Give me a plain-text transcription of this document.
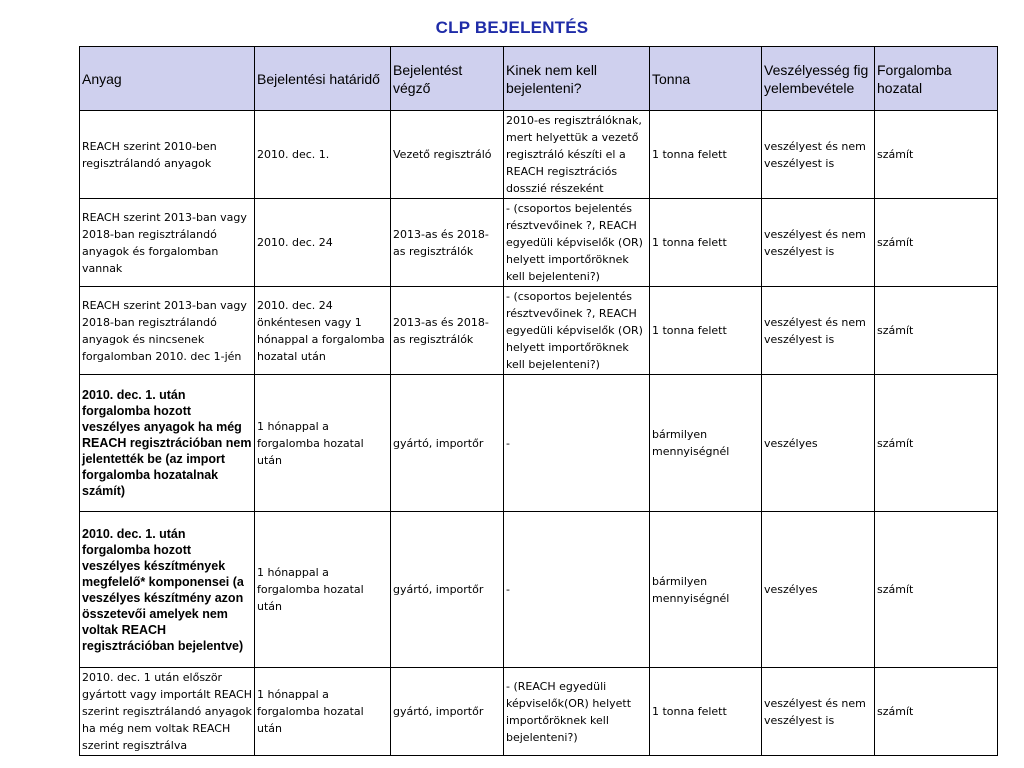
CLP BEJELENTÉS
Anyag	Bejelentési határidő	Bejelentést végző	Kinek nem kell bejelenteni?	Tonna	Veszélyesség figyelembevétele	Forgalomba hozatal
REACH szerint 2010-ben regisztrálandó anyagok	2010. dec. 1.	Vezető regisztráló	2010-es regisztrálóknak, mert helyettük a vezető regisztráló készíti el a REACH regisztrációs dosszié részeként	1 tonna felett	veszélyest és nem veszélyest is	számít
REACH szerint 2013-ban vagy 2018-ban regisztrálandó anyagok és forgalomban vannak	2010. dec. 24	2013-as és 2018-as regisztrálók	- (csoportos bejelentés résztvevőinek ?, REACH egyedüli képviselők (OR) helyett importőröknek kell bejelenteni?)	1 tonna felett	veszélyest és nem veszélyest is	számít
REACH szerint 2013-ban vagy 2018-ban regisztrálandó anyagok és nincsenek forgalomban 2010. dec 1-jén	2010. dec. 24 önkéntesen vagy 1 hónappal a forgalomba hozatal után	2013-as és 2018-as regisztrálók	- (csoportos bejelentés résztvevőinek ?, REACH egyedüli képviselők (OR) helyett importőröknek kell bejelenteni?)	1 tonna felett	veszélyest és nem veszélyest is	számít
2010. dec. 1. után forgalomba hozott veszélyes anyagok ha még REACH regisztrációban nem jelentették be (az import forgalomba hozatalnak számít)	1 hónappal a forgalomba hozatal után	gyártó, importőr	-	bármilyen mennyiségnél	veszélyes	számít
2010. dec. 1. után forgalomba hozott veszélyes készítmények megfelelő* komponensei (a veszélyes készítmény azon összetevői amelyek nem voltak REACH regisztrációban bejelentve)	1 hónappal a forgalomba hozatal után	gyártó, importőr	-	bármilyen mennyiségnél	veszélyes	számít
2010. dec. 1 után először gyártott vagy importált REACH szerint regisztrálandó anyagok ha még nem voltak REACH szerint regisztrálva	1 hónappal a forgalomba hozatal után	gyártó, importőr	- (REACH egyedüli képviselők(OR) helyett importőröknek kell bejelenteni?)	1 tonna felett	veszélyest és nem veszélyest is	számít
